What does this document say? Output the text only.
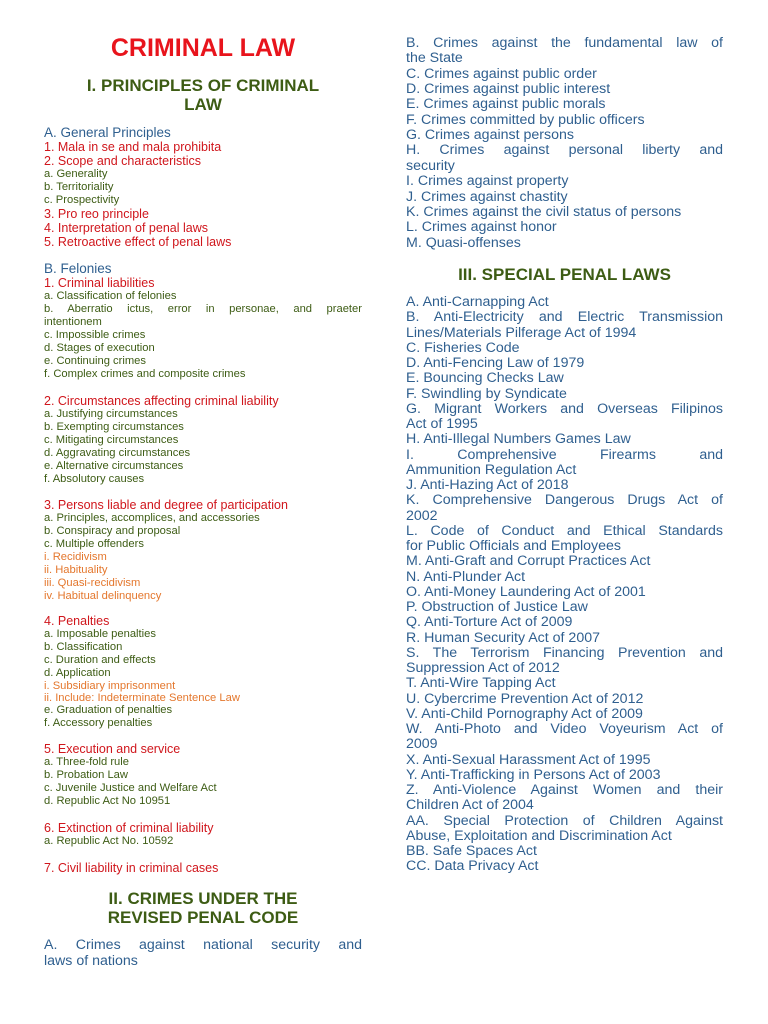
CRIMINAL LAW
I. PRINCIPLES OF CRIMINAL
LAW
A. General Principles
1. Mala in se and mala prohibita
2. Scope and characteristics
a. Generality
b. Territoriality
c. Prospectivity
3. Pro reo principle
4. Interpretation of penal laws
5. Retroactive effect of penal laws
B. Felonies
1. Criminal liabilities
a. Classification of felonies
b. Aberratio ictus, error in personae, and praeter
intentionem
c. Impossible crimes
d. Stages of execution
e. Continuing crimes
f. Complex crimes and composite crimes
2. Circumstances affecting criminal liability
a. Justifying circumstances
b. Exempting circumstances
c. Mitigating circumstances
d. Aggravating circumstances
e. Alternative circumstances
f. Absolutory causes
3. Persons liable and degree of participation
a. Principles, accomplices, and accessories
b. Conspiracy and proposal
c. Multiple offenders
i. Recidivism
ii. Habituality
iii. Quasi-recidivism
iv. Habitual delinquency
4. Penalties
a. Imposable penalties
b. Classification
c. Duration and effects
d. Application
i. Subsidiary imprisonment
ii. Include: Indeterminate Sentence Law
e. Graduation of penalties
f. Accessory penalties
5. Execution and service
a. Three-fold rule
b. Probation Law
c. Juvenile Justice and Welfare Act
d. Republic Act No 10951
6. Extinction of criminal liability
a. Republic Act No. 10592
7. Civil liability in criminal cases
II. CRIMES UNDER THE
REVISED PENAL CODE
A. Crimes against national security and
laws of nations
B. Crimes against the fundamental law of
the State
C. Crimes against public order
D. Crimes against public interest
E. Crimes against public morals
F. Crimes committed by public officers
G. Crimes against persons
H. Crimes against personal liberty and
security
I. Crimes against property
J. Crimes against chastity
K. Crimes against the civil status of persons
L. Crimes against honor
M. Quasi-offenses
III. SPECIAL PENAL LAWS
A. Anti-Carnapping Act
B. Anti-Electricity and Electric Transmission
Lines/Materials Pilferage Act of 1994
C. Fisheries Code
D. Anti-Fencing Law of 1979
E. Bouncing Checks Law
F. Swindling by Syndicate
G. Migrant Workers and Overseas Filipinos
Act of 1995
H. Anti-Illegal Numbers Games Law
I. Comprehensive Firearms and
Ammunition Regulation Act
J. Anti-Hazing Act of 2018
K. Comprehensive Dangerous Drugs Act of
2002
L. Code of Conduct and Ethical Standards
for Public Officials and Employees
M. Anti-Graft and Corrupt Practices Act
N. Anti-Plunder Act
O. Anti-Money Laundering Act of 2001
P. Obstruction of Justice Law
Q. Anti-Torture Act of 2009
R. Human Security Act of 2007
S. The Terrorism Financing Prevention and
Suppression Act of 2012
T. Anti-Wire Tapping Act
U. Cybercrime Prevention Act of 2012
V. Anti-Child Pornography Act of 2009
W. Anti-Photo and Video Voyeurism Act of
2009
X. Anti-Sexual Harassment Act of 1995
Y. Anti-Trafficking in Persons Act of 2003
Z. Anti-Violence Against Women and their
Children Act of 2004
AA. Special Protection of Children Against
Abuse, Exploitation and Discrimination Act
BB. Safe Spaces Act
CC. Data Privacy Act
